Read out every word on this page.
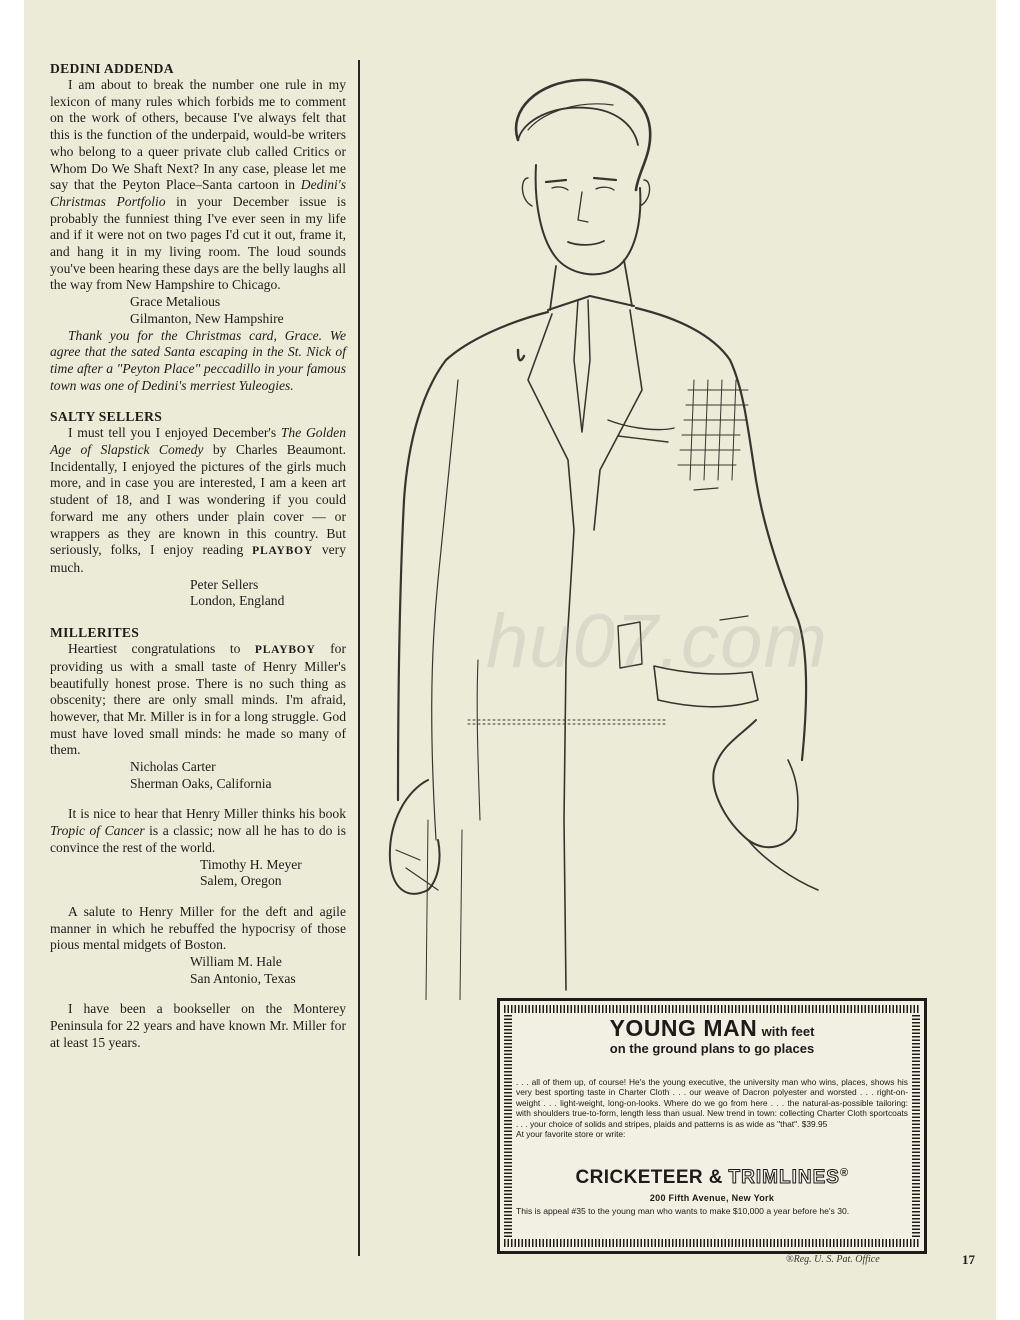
DEDINI ADDENDA

I am about to break the number one rule in my lexicon of many rules which forbids me to comment on the work of others, because I've always felt that this is the function of the underpaid, would-be writers who belong to a queer private club called Critics or Whom Do We Shaft Next? In any case, please let me say that the Peyton Place–Santa cartoon in Dedini's Christmas Portfolio in your December issue is probably the funniest thing I've ever seen in my life and if it were not on two pages I'd cut it out, frame it, and hang it in my living room. The loud sounds you've been hearing these days are the belly laughs all the way from New Hampshire to Chicago.

Grace Metalious
Gilmanton, New Hampshire

Thank you for the Christmas card, Grace. We agree that the sated Santa escaping in the St. Nick of time after a "Peyton Place" peccadillo in your famous town was one of Dedini's merriest Yuleogies.

SALTY SELLERS

I must tell you I enjoyed December's The Golden Age of Slapstick Comedy by Charles Beaumont. Incidentally, I enjoyed the pictures of the girls much more, and in case you are interested, I am a keen art student of 18, and I was wondering if you could forward me any others under plain cover — or wrappers as they are known in this country. But seriously, folks, I enjoy reading PLAYBOY very much.

Peter Sellers
London, England
MILLERITES

Heartiest congratulations to PLAYBOY for providing us with a small taste of Henry Miller's beautifully honest prose. There is no such thing as obscenity; there are only small minds. I'm afraid, however, that Mr. Miller is in for a long struggle. God must have loved small minds: he made so many of them.

Nicholas Carter
Sherman Oaks, California

It is nice to hear that Henry Miller thinks his book Tropic of Cancer is a classic; now all he has to do is convince the rest of the world.

Timothy H. Meyer
Salem, Oregon

A salute to Henry Miller for the deft and agile manner in which he rebuffed the hypocrisy of those pious mental midgets of Boston.

William M. Hale
San Antonio, Texas

I have been a bookseller on the Monterey Peninsula for 22 years and have known Mr. Miller for at least 15 years.

hu07.com
YOUNG MAN with feet
on the ground plans to go places
. . . all of them up, of course! He's the young executive, the university man who wins, places, shows his very best sporting taste in Charter Cloth . . . our weave of Dacron polyester and worsted . . . right-on-weight . . . light-weight, long-on-looks. Where do we go from here . . . the natural-as-possible tailoring: with shoulders true-to-form, length less than usual. New trend in town: collecting Charter Cloth sportcoats . . . your choice of solids and stripes, plaids and patterns is as wide as "that". $39.95
At your favorite store or write:
CRICKETEER & TRIMLINES®
200 Fifth Avenue, New York
This is appeal #35 to the young man who wants to make $10,000 a year before he's 30.
®Reg. U. S. Pat. Office	17
